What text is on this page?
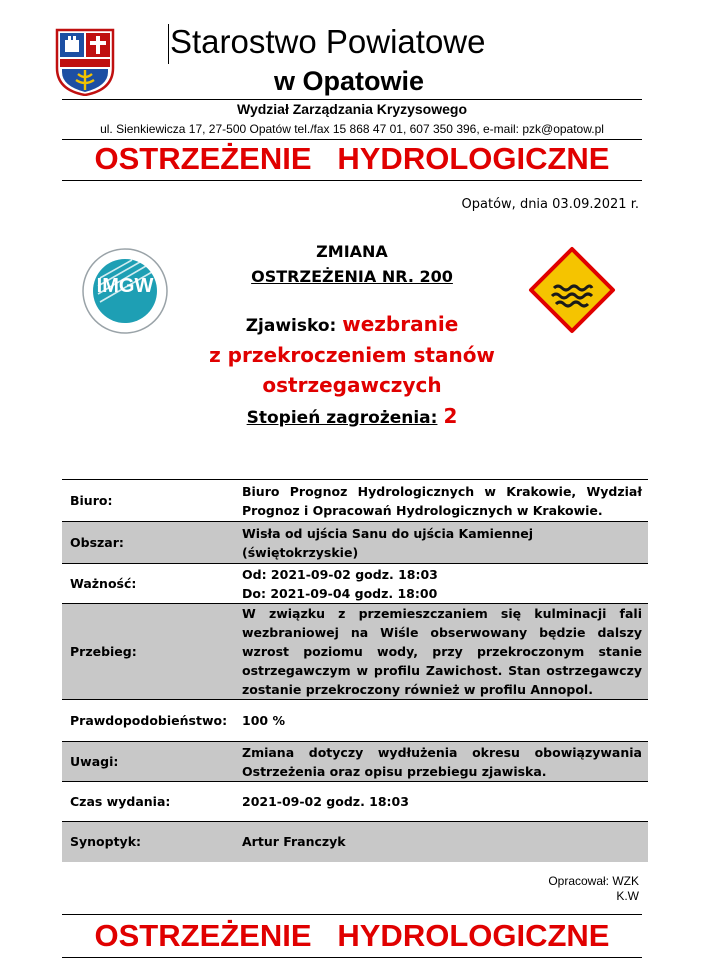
Starostwo Powiatowe
w Opatowie
Wydział Zarządzania Kryzysowego
ul. Sienkiewicza 17, 27-500 Opatów tel./fax 15 868 47 01, 607 350 396, e-mail: pzk@opatow.pl
OSTRZEŻENIE   HYDROLOGICZNE
Opatów, dnia 03.09.2021 r.
IMGW
ZMIANA
OSTRZEŻENIA NR. 200
Zjawisko: wezbranie
z przekroczeniem stanów
ostrzegawczych
Stopień zagrożenia: 2
Biuro:	Biuro Prognoz Hydrologicznych w Krakowie, Wydział Prognoz i Opracowań Hydrologicznych w Krakowie.
Obszar:	Wisła od ujścia Sanu do ujścia Kamiennej (świętokrzyskie)
Ważność:	Od: 2021-09-02 godz. 18:03
Do: 2021-09-04 godz. 18:00

Przebieg:	W związku z przemieszczaniem się kulminacji fali wezbraniowej na Wiśle obserwowany będzie dalszy wzrost poziomu wody, przy przekroczonym stanie ostrzegawczym w profilu Zawichost. Stan ostrzegawczy zostanie przekroczony również w profilu Annopol.
Prawdopodobieństwo:	100 %
Uwagi:	Zmiana dotyczy wydłużenia okresu obowiązywania Ostrzeżenia oraz opisu przebiegu zjawiska.
Czas wydania:	2021-09-02 godz. 18:03
Synoptyk:	Artur Franczyk
Opracował: WZK
K.W
OSTRZEŻENIE   HYDROLOGICZNE
